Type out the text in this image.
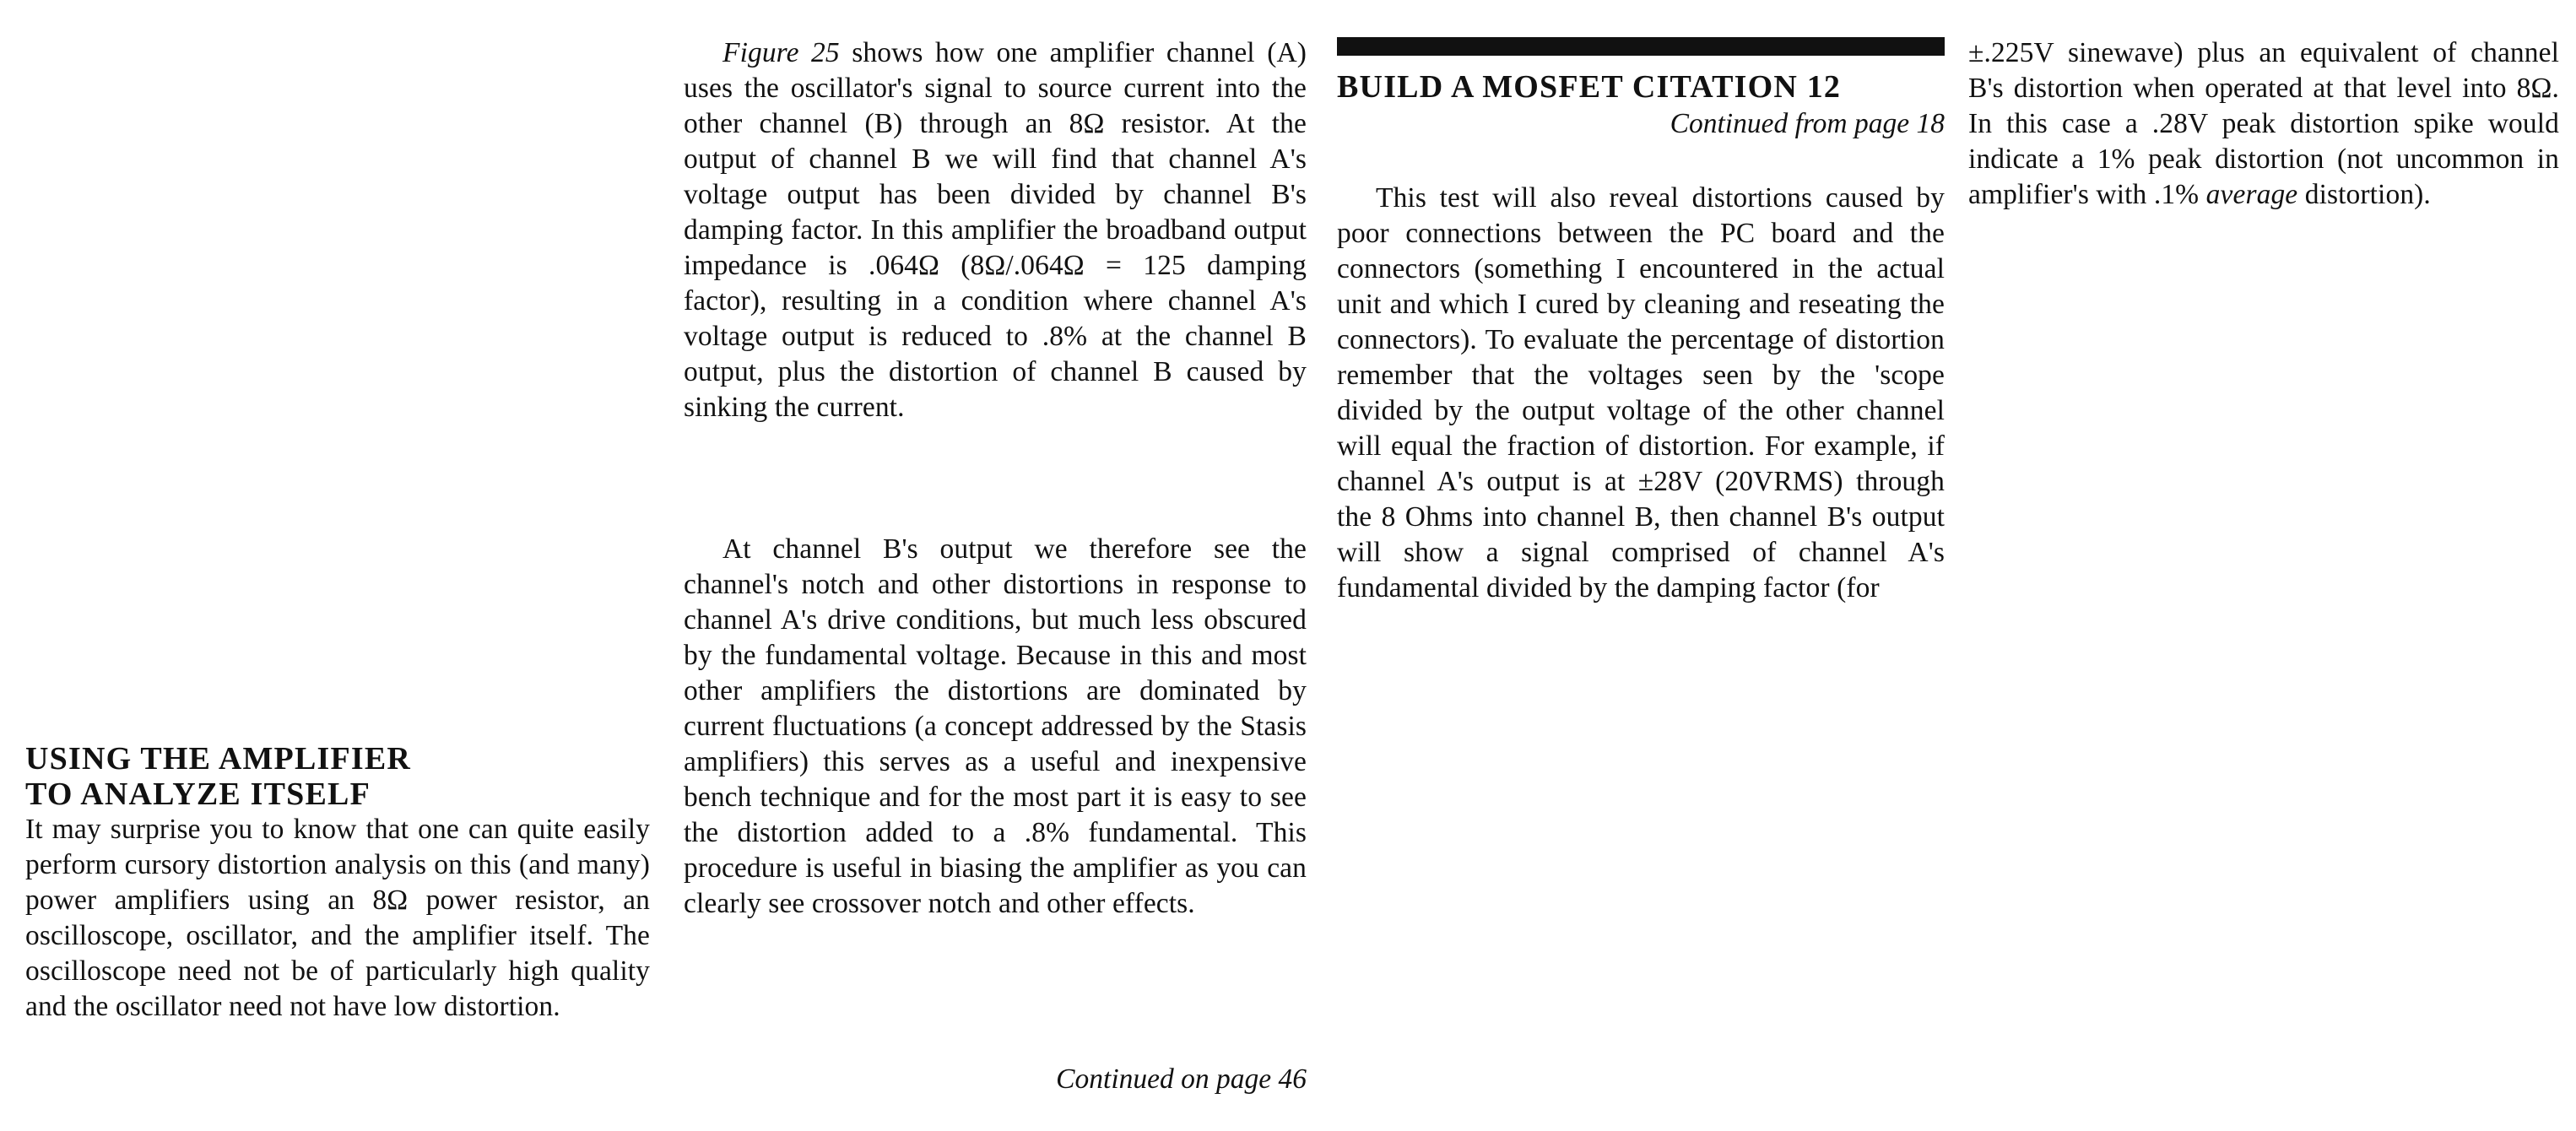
USING THE AMPLIFIER
TO ANALYZE ITSELF

It may surprise you to know that one can quite easily perform cursory distortion analysis on this (and many) power amplifiers using an 8Ω power resistor, an oscilloscope, oscillator, and the amplifier itself. The oscilloscope need not be of particularly high quality and the oscillator need not have low distortion.

Figure 25 shows how one amplifier channel (A) uses the oscillator's signal to source current into the other channel (B) through an 8Ω resistor. At the output of channel B we will find that channel A's voltage output has been divided by channel B's damping factor. In this amplifier the broadband output impedance is .064Ω (8Ω/.064Ω = 125 damping factor), resulting in a condition where channel A's voltage output is reduced to .8% at the channel B output, plus the distortion of channel B caused by sinking the current.

At channel B's output we therefore see the channel's notch and other distortions in response to channel A's drive conditions, but much less obscured by the fundamental voltage. Because in this and most other amplifiers the distortions are dominated by current fluctuations (a concept addressed by the Stasis amplifiers) this serves as a useful and inexpensive bench technique and for the most part it is easy to see the distortion added to a .8% fundamental. This procedure is useful in biasing the amplifier as you can clearly see crossover notch and other effects.

Continued on page 46
BUILD A MOSFET CITATION 12
Continued from page 18

This test will also reveal distortions caused by poor connections between the PC board and the connectors (something I encountered in the actual unit and which I cured by cleaning and reseating the connectors). To evaluate the percentage of distortion remember that the voltages seen by the 'scope divided by the output voltage of the other channel will equal the fraction of distortion. For example, if channel A's output is at ±28V (20VRMS) through the 8 Ohms into channel B, then channel B's output will show a signal comprised of channel A's fundamental divided by the damping factor (for

±.225V sinewave) plus an equivalent of channel B's distortion when operated at that level into 8Ω. In this case a .28V peak distortion spike would indicate a 1% peak distortion (not uncommon in amplifier's with .1% average distortion).
